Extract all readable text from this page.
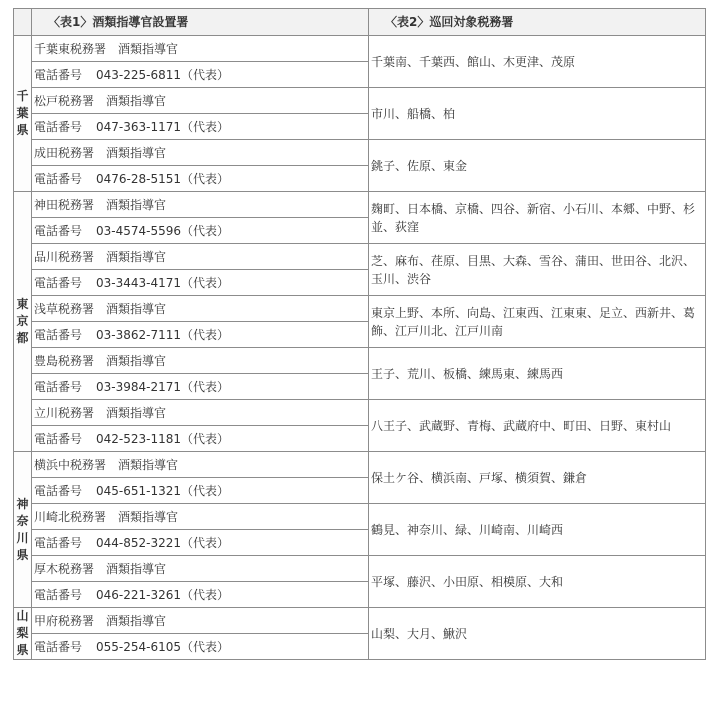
	〈表1〉酒類指導官設置署	〈表2〉巡回対象税務署

千葉県	千葉東税務署 酒類指導官	千葉南、千葉西、館山、木更津、茂原
	電話番号 043-225-6811（代表）	
	松戸税務署 酒類指導官	市川、船橋、柏
	電話番号 047-363-1171（代表）	
	成田税務署 酒類指導官	銚子、佐原、東金
	電話番号 0476-28-5151（代表）	

東京都	神田税務署 酒類指導官	麹町、日本橋、京橋、四谷、新宿、小石川、本郷、中野、杉並、荻窪
	電話番号 03-4574-5596（代表）	
	品川税務署 酒類指導官	芝、麻布、荏原、目黒、大森、雪谷、蒲田、世田谷、北沢、玉川、渋谷
	電話番号 03-3443-4171（代表）	
	浅草税務署 酒類指導官	東京上野、本所、向島、江東西、江東東、足立、西新井、葛飾、江戸川北、江戸川南
	電話番号 03-3862-7111（代表）	
	豊島税務署 酒類指導官	王子、荒川、板橋、練馬東、練馬西
	電話番号 03-3984-2171（代表）	
	立川税務署 酒類指導官	八王子、武蔵野、青梅、武蔵府中、町田、日野、東村山
	電話番号 042-523-1181（代表）	

神奈川県	横浜中税務署 酒類指導官	保土ケ谷、横浜南、戸塚、横須賀、鎌倉
	電話番号 045-651-1321（代表）	
	川崎北税務署 酒類指導官	鶴見、神奈川、緑、川崎南、川崎西
	電話番号 044-852-3221（代表）	
	厚木税務署 酒類指導官	平塚、藤沢、小田原、相模原、大和
	電話番号 046-221-3261（代表）	

山梨県	甲府税務署 酒類指導官	山梨、大月、鰍沢
	電話番号 055-254-6105（代表）	
